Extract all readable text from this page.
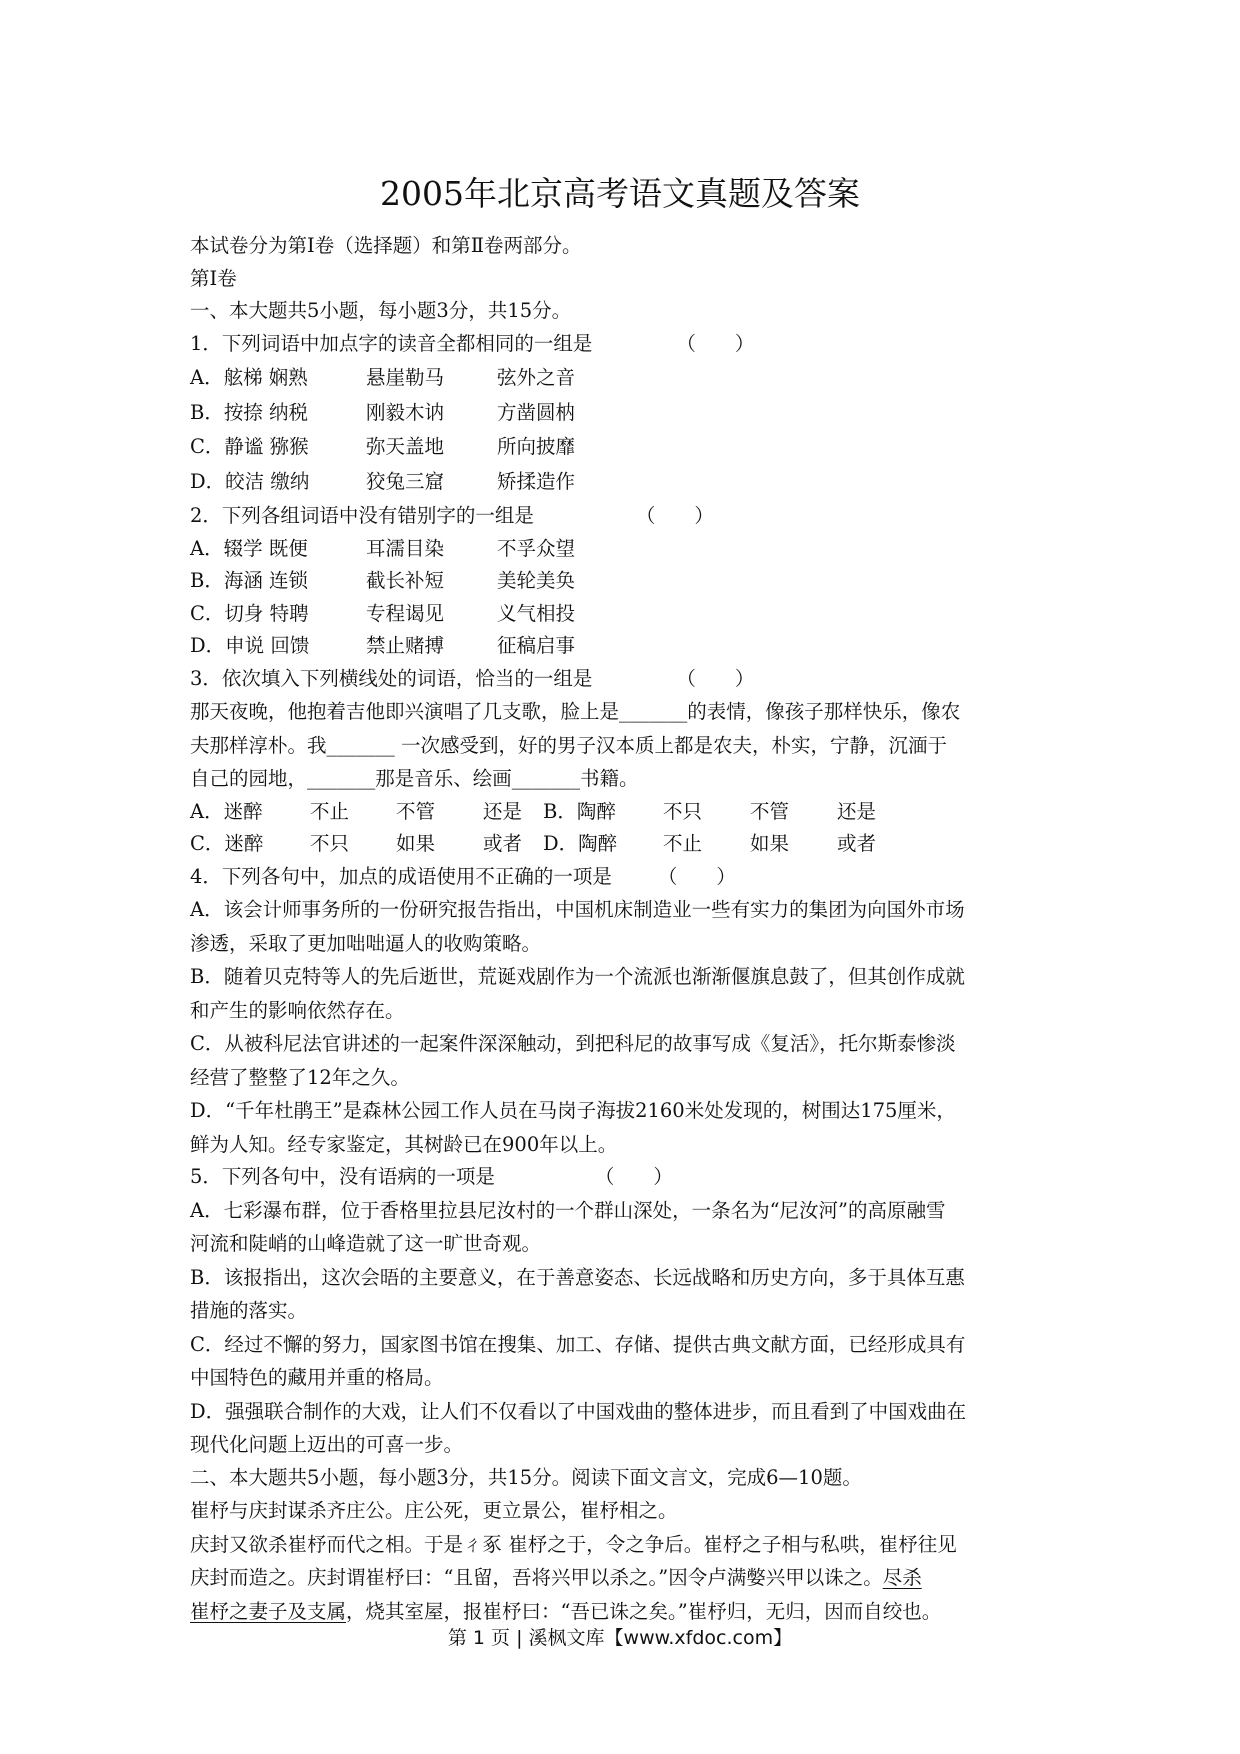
2005年北京高考语文真题及答案
本试卷分为第Ⅰ卷（选择题）和第Ⅱ卷两部分。
第Ⅰ卷
一、本大题共5小题，每小题3分，共15分。
1．下列词语中加点字的读音全都相同的一组是	（　　）
A．舷梯 娴熟	悬崖勒马	弦外之音
B．按捺 纳税	刚毅木讷	方凿圆枘
C．静谧 猕猴	弥天盖地	所向披靡
D．皎洁 缴纳	狡兔三窟	矫揉造作
2．下列各组词语中没有错别字的一组是	（　　）
A．辍学 既便	耳濡目染	不孚众望
B．海涵 连锁	截长补短	美轮美奂
C．切身 特聘	专程谒见	义气相投
D．申说 回馈	禁止赌搏	征稿启事
3．依次填入下列横线处的词语，恰当的一组是	（　　）
那天夜晚，他抱着吉他即兴演唱了几支歌，脸上是_______的表情，像孩子那样快乐，像农
夫那样淳朴。我_______ 一次感受到，好的男子汉本质上都是农夫，朴实，宁静，沉湎于
自己的园地，_______那是音乐、绘画_______书籍。
A．迷醉 不止 不管 还是 B．陶醉 不只 不管 还是
C．迷醉 不只 如果 或者 D．陶醉 不止 如果 或者
4．下列各句中，加点的成语使用不正确的一项是 （　　）
A．该会计师事务所的一份研究报告指出，中国机床制造业一些有实力的集团为向国外市场
渗透，采取了更加咄咄逼人的收购策略。
B．随着贝克特等人的先后逝世，荒诞戏剧作为一个流派也渐渐偃旗息鼓了，但其创作成就
和产生的影响依然存在。
C．从被科尼法官讲述的一起案件深深触动，到把科尼的故事写成《复活》，托尔斯泰惨淡
经营了整整了12年之久。
D．“千年杜鹃王”是森林公园工作人员在马岗子海拔2160米处发现的，树围达175厘米，
鲜为人知。经专家鉴定，其树龄已在900年以上。
5．下列各句中，没有语病的一项是	（　　）
A．七彩瀑布群，位于香格里拉县尼汝村的一个群山深处，一条名为“尼汝河”的高原融雪
河流和陡峭的山峰造就了这一旷世奇观。
B．该报指出，这次会晤的主要意义，在于善意姿态、长远战略和历史方向，多于具体互惠
措施的落实。
C．经过不懈的努力，国家图书馆在搜集、加工、存储、提供古典文献方面，已经形成具有
中国特色的藏用并重的格局。
D．强强联合制作的大戏，让人们不仅看以了中国戏曲的整体进步，而且看到了中国戏曲在
现代化问题上迈出的可喜一步。
二、本大题共5小题，每小题3分，共15分。阅读下面文言文，完成6—10题。
崔杼与庆封谋杀齐庄公。庄公死，更立景公，崔杼相之。
庆封又欲杀崔杼而代之相。于是ㄔ豖 崔杼之于，令之争后。崔杼之子相与私哄，崔杼往见
庆封而造之。庆封谓崔杼曰：“且留，吾将兴甲以杀之。”因令卢满嫳兴甲以诛之。尽杀
崔杼之妻子及支属，烧其室屋，报崔杼曰：“吾已诛之矣。”崔杼归，无归，因而自绞也。
第 1 页 | 溪枫文库【www.xfdoc.com】
